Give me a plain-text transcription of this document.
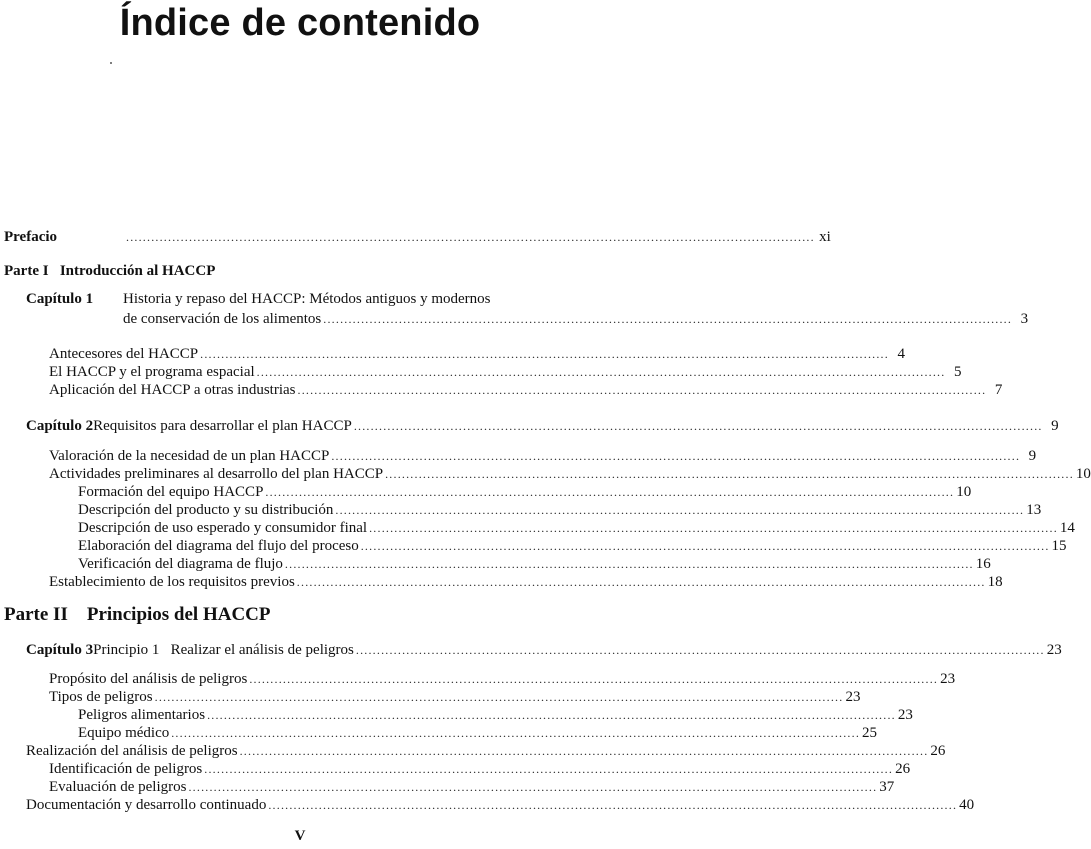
Índice de contenido
Prefacio	.................................................................................................................................................................... xi
Parte I Introducción al HACCP
Capítulo 1 Historia y repaso del HACCP: Métodos antiguos y modernos
de conservación de los alimentos .................................................................................................................................................................... 3
Antecesores del HACCP .................................................................................................................................................................... 4
El HACCP y el programa espacial .................................................................................................................................................................... 5
Aplicación del HACCP a otras industrias .................................................................................................................................................................... 7
Capítulo 2 Requisitos para desarrollar el plan HACCP .................................................................................................................................................................... 9
Valoración de la necesidad de un plan HACCP .................................................................................................................................................................... 9
Actividades preliminares al desarrollo del plan HACCP .................................................................................................................................................................... 10
Formación del equipo HACCP .................................................................................................................................................................... 10
Descripción del producto y su distribución .................................................................................................................................................................... 13
Descripción de uso esperado y consumidor final .................................................................................................................................................................... 14
Elaboración del diagrama del flujo del proceso .................................................................................................................................................................... 15
Verificación del diagrama de flujo .................................................................................................................................................................... 16
Establecimiento de los requisitos previos .................................................................................................................................................................... 18
Parte II Principios del HACCP
Capítulo 3 Principio 1   Realizar el análisis de peligros .................................................................................................................................................................... 23
Propósito del análisis de peligros .................................................................................................................................................................... 23
Tipos de peligros .................................................................................................................................................................... 23
Peligros alimentarios .................................................................................................................................................................... 23
Equipo médico .................................................................................................................................................................... 25
Realización del análisis de peligros .................................................................................................................................................................... 26
Identificación de peligros .................................................................................................................................................................... 26
Evaluación de peligros .................................................................................................................................................................... 37
Documentación y desarrollo continuado .................................................................................................................................................................... 40
V
